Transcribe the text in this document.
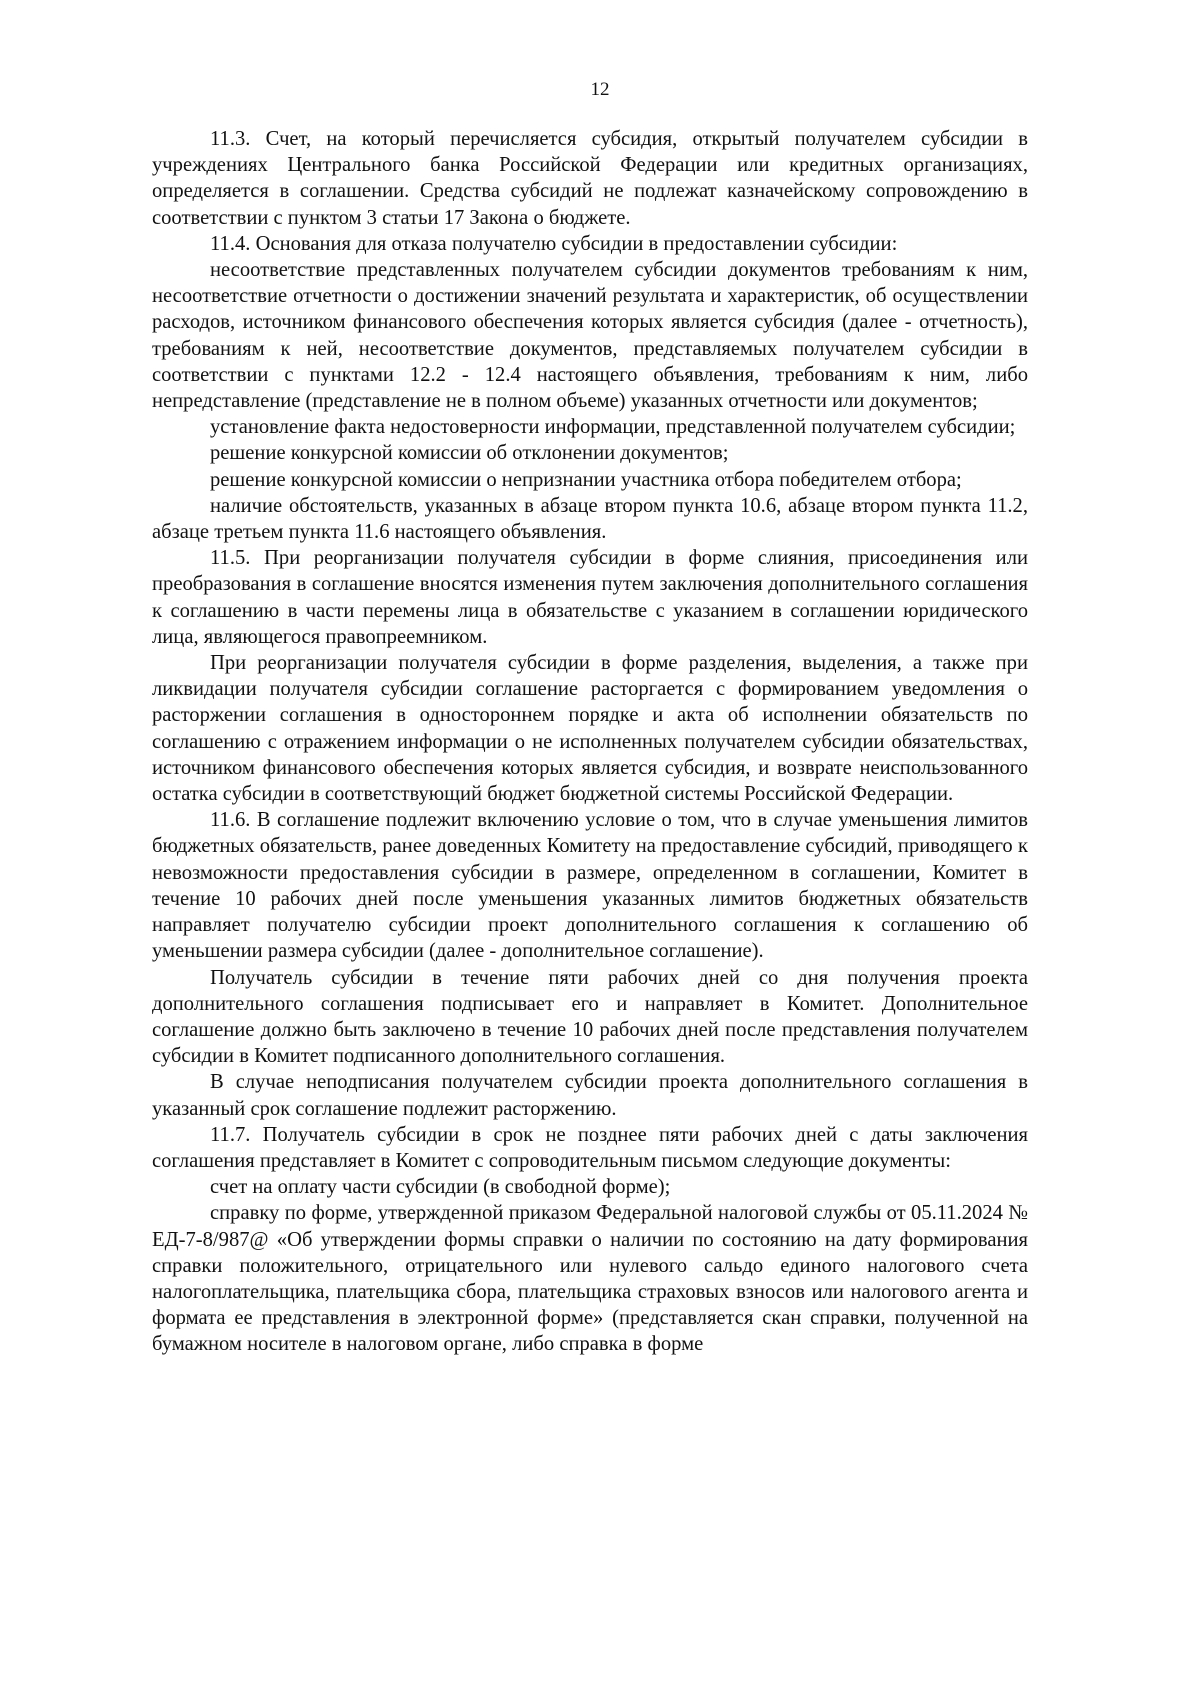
12

11.3. Счет, на который перечисляется субсидия, открытый получателем субсидии в учреждениях Центрального банка Российской Федерации или кредитных организациях, определяется в соглашении. Средства субсидий не подлежат казначейскому сопровождению в соответствии с пунктом 3 статьи 17 Закона о бюджете.

11.4. Основания для отказа получателю субсидии в предоставлении субсидии:

несоответствие представленных получателем субсидии документов требованиям к ним, несоответствие отчетности о достижении значений результата и характеристик, об осуществлении расходов, источником финансового обеспечения которых является субсидия (далее - отчетность), требованиям к ней, несоответствие документов, представляемых получателем субсидии в соответствии с пунктами 12.2 - 12.4 настоящего объявления, требованиям к ним, либо непредставление (представление не в полном объеме) указанных отчетности или документов;

установление факта недостоверности информации, представленной получателем субсидии;

решение конкурсной комиссии об отклонении документов;

решение конкурсной комиссии о непризнании участника отбора победителем отбора;

наличие обстоятельств, указанных в абзаце втором пункта 10.6, абзаце втором пункта 11.2, абзаце третьем пункта 11.6 настоящего объявления.

11.5. При реорганизации получателя субсидии в форме слияния, присоединения или преобразования в соглашение вносятся изменения путем заключения дополнительного соглашения к соглашению в части перемены лица в обязательстве с указанием в соглашении юридического лица, являющегося правопреемником.

При реорганизации получателя субсидии в форме разделения, выделения, а также при ликвидации получателя субсидии соглашение расторгается с формированием уведомления о расторжении соглашения в одностороннем порядке и акта об исполнении обязательств по соглашению с отражением информации о не исполненных получателем субсидии обязательствах, источником финансового обеспечения которых является субсидия, и возврате неиспользованного остатка субсидии в соответствующий бюджет бюджетной системы Российской Федерации.

11.6. В соглашение подлежит включению условие о том, что в случае уменьшения лимитов бюджетных обязательств, ранее доведенных Комитету на предоставление субсидий, приводящего к невозможности предоставления субсидии в размере, определенном в соглашении, Комитет в течение 10 рабочих дней после уменьшения указанных лимитов бюджетных обязательств направляет получателю субсидии проект дополнительного соглашения к соглашению об уменьшении размера субсидии (далее - дополнительное соглашение).

Получатель субсидии в течение пяти рабочих дней со дня получения проекта дополнительного соглашения подписывает его и направляет в Комитет. Дополнительное соглашение должно быть заключено в течение 10 рабочих дней после представления получателем субсидии в Комитет подписанного дополнительного соглашения.

В случае неподписания получателем субсидии проекта дополнительного соглашения в указанный срок соглашение подлежит расторжению.

11.7. Получатель субсидии в срок не позднее пяти рабочих дней с даты заключения соглашения представляет в Комитет с сопроводительным письмом следующие документы:

счет на оплату части субсидии (в свободной форме);

справку по форме, утвержденной приказом Федеральной налоговой службы от 05.11.2024 № ЕД-7-8/987@ «Об утверждении формы справки о наличии по состоянию на дату формирования справки положительного, отрицательного или нулевого сальдо единого налогового счета налогоплательщика, плательщика сбора, плательщика страховых взносов или налогового агента и формата ее представления в электронной форме» (представляется скан справки, полученной на бумажном носителе в налоговом органе, либо справка в форме
